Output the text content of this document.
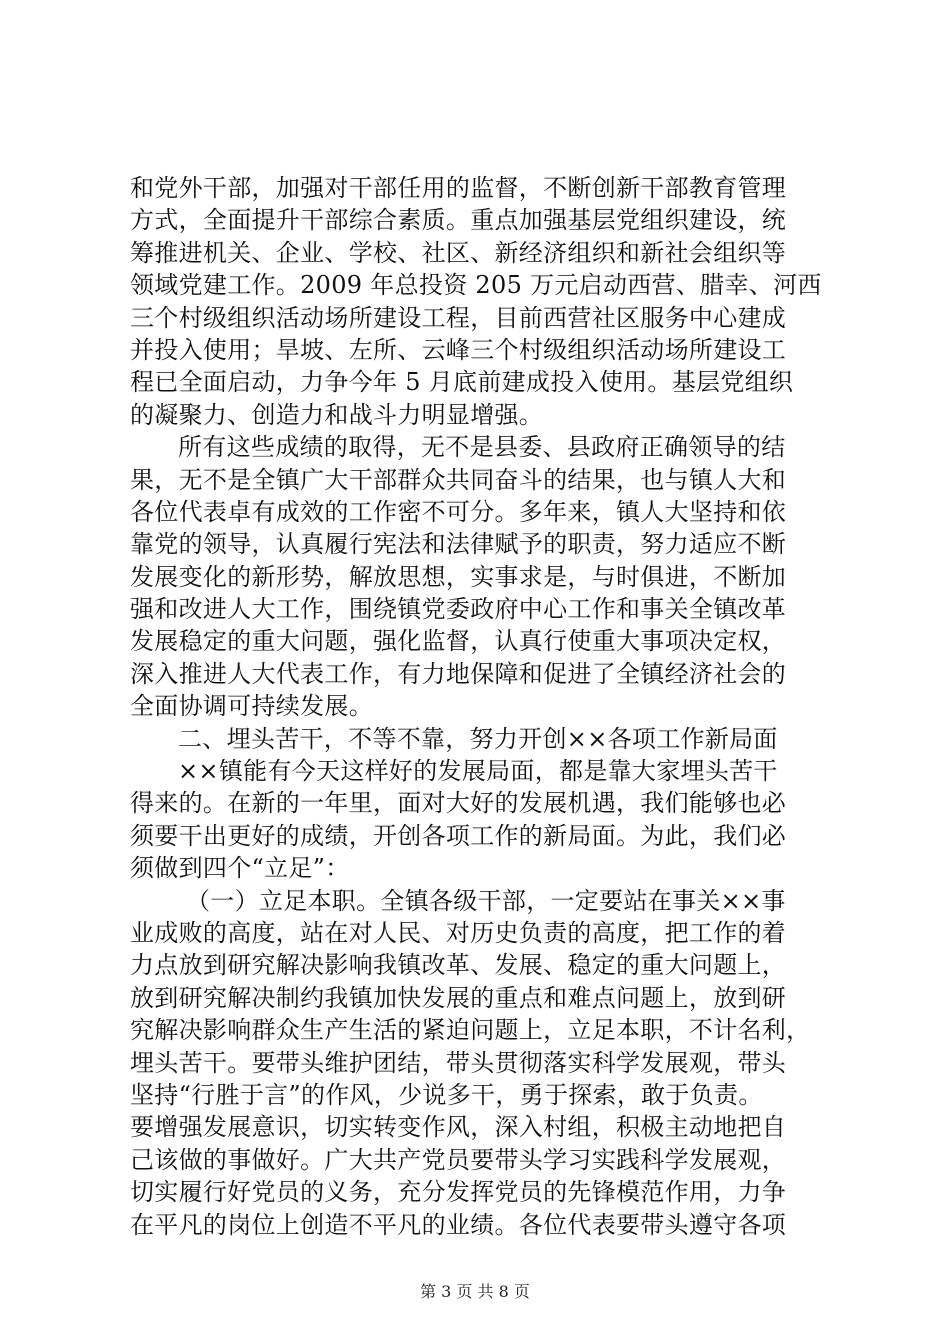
和党外干部，加强对干部任用的监督，不断创新干部教育管理
方式，全面提升干部综合素质。重点加强基层党组织建设，统
筹推进机关、企业、学校、社区、新经济组织和新社会组织等
领域党建工作。2009 年总投资 205 万元启动西营、腊幸、河西
三个村级组织活动场所建设工程，目前西营社区服务中心建成
并投入使用；旱坡、左所、云峰三个村级组织活动场所建设工
程已全面启动，力争今年 5 月底前建成投入使用。基层党组织
的凝聚力、创造力和战斗力明显增强。
所有这些成绩的取得，无不是县委、县政府正确领导的结
果，无不是全镇广大干部群众共同奋斗的结果，也与镇人大和
各位代表卓有成效的工作密不可分。多年来，镇人大坚持和依
靠党的领导，认真履行宪法和法律赋予的职责，努力适应不断
发展变化的新形势，解放思想，实事求是，与时俱进，不断加
强和改进人大工作，围绕镇党委政府中心工作和事关全镇改革
发展稳定的重大问题，强化监督，认真行使重大事项决定权，
深入推进人大代表工作，有力地保障和促进了全镇经济社会的
全面协调可持续发展。
二、埋头苦干，不等不靠，努力开创××各项工作新局面
××镇能有今天这样好的发展局面，都是靠大家埋头苦干
得来的。在新的一年里，面对大好的发展机遇，我们能够也必
须要干出更好的成绩，开创各项工作的新局面。为此，我们必
须做到四个“立足”：
（一）立足本职。全镇各级干部，一定要站在事关××事
业成败的高度，站在对人民、对历史负责的高度，把工作的着
力点放到研究解决影响我镇改革、发展、稳定的重大问题上，
放到研究解决制约我镇加快发展的重点和难点问题上，放到研
究解决影响群众生产生活的紧迫问题上，立足本职，不计名利，
埋头苦干。要带头维护团结，带头贯彻落实科学发展观，带头
坚持“行胜于言”的作风，少说多干，勇于探索，敢于负责。
要增强发展意识，切实转变作风，深入村组，积极主动地把自
己该做的事做好。广大共产党员要带头学习实践科学发展观，
切实履行好党员的义务，充分发挥党员的先锋模范作用，力争
在平凡的岗位上创造不平凡的业绩。各位代表要带头遵守各项
第 3 页 共 8 页
